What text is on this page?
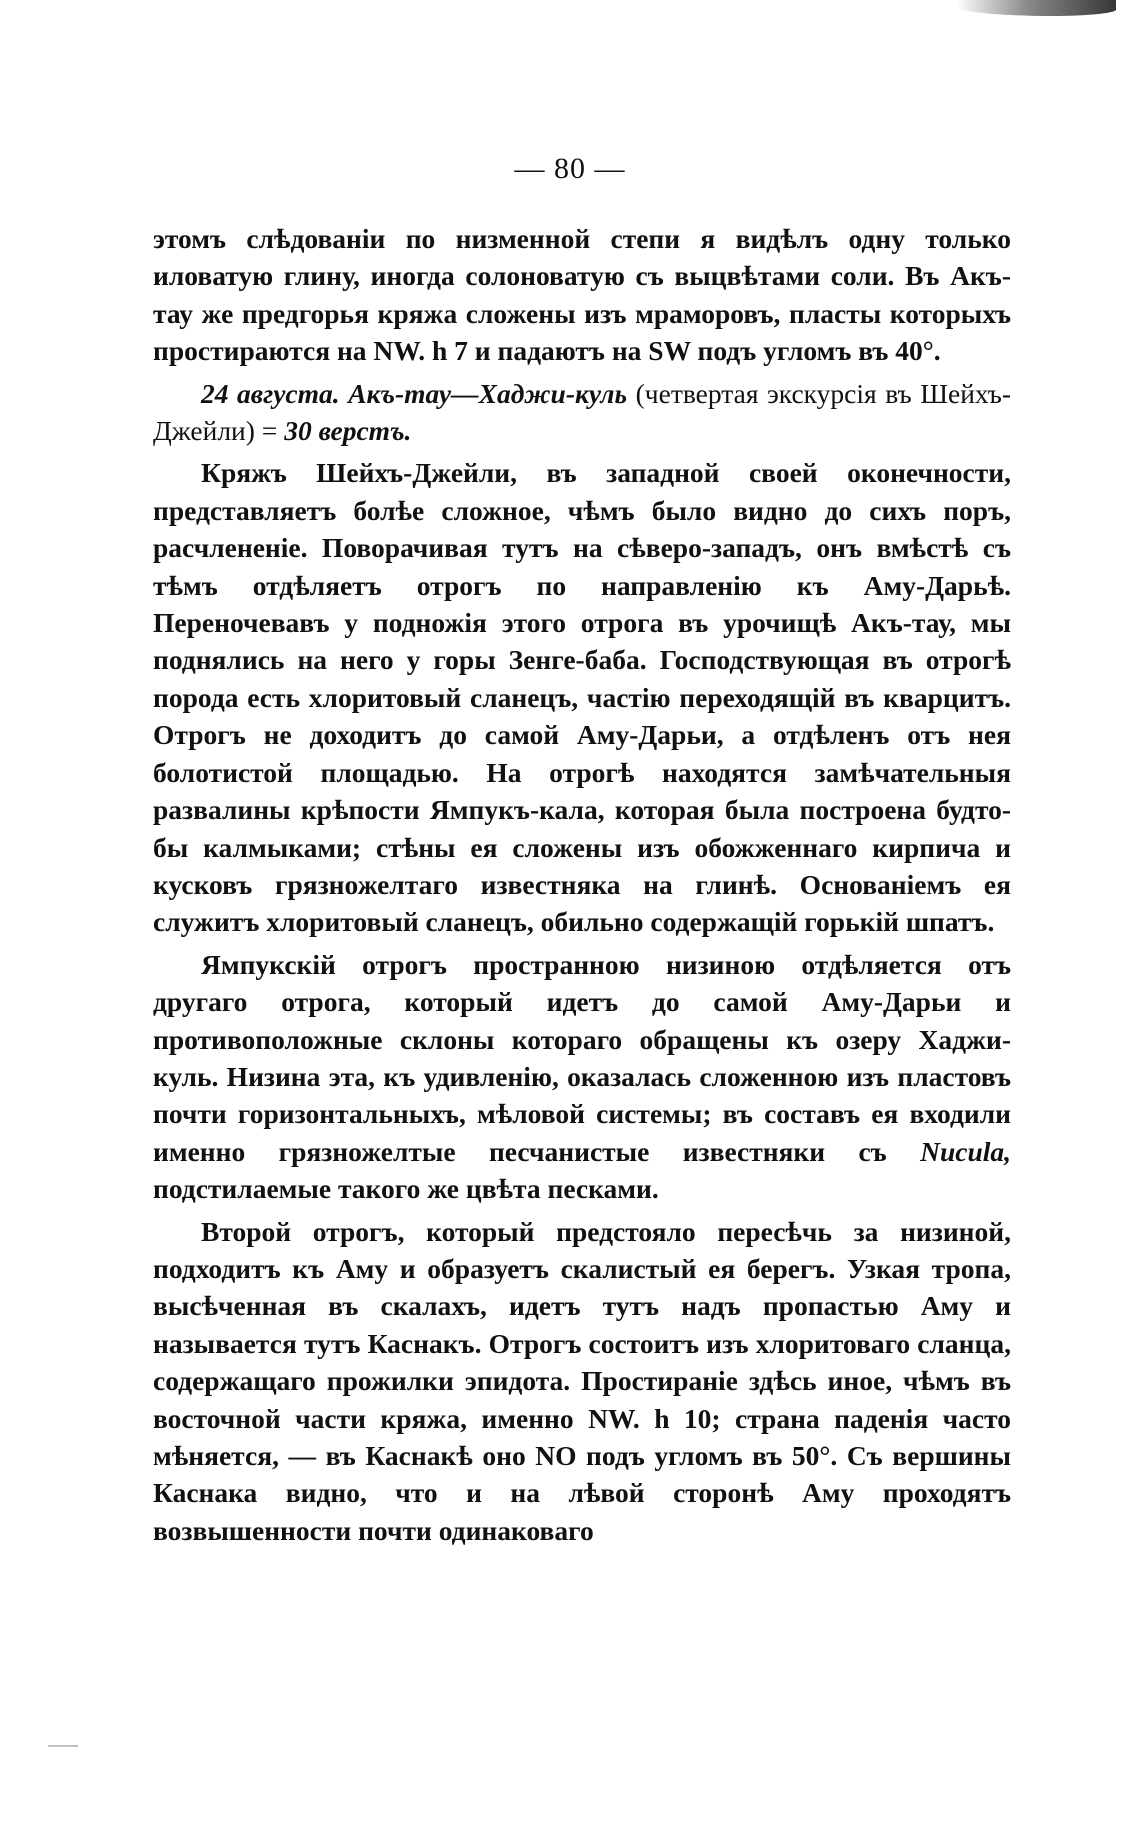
— 80 —

этомъ слѣдованіи по низменной степи я видѣлъ одну только иловатую глину, иногда солоноватую съ выцвѣтами соли. Въ Акъ-тау же предгорья кряжа сложены изъ мраморовъ, пласты которыхъ простираются на NW. h 7 и падаютъ на SW подъ угломъ въ 40°.

24 августа. Акъ-тау—Хаджи-куль (четвертая экскурсія въ Шейхъ-Джейли) = 30 верстъ.

Кряжъ Шейхъ-Джейли, въ западной своей оконечности, представляетъ болѣе сложное, чѣмъ было видно до сихъ поръ, расчлененіе. Поворачивая тутъ на сѣверо-западъ, онъ вмѣстѣ съ тѣмъ отдѣляетъ отрогъ по направленію къ Аму-Дарьѣ. Переночевавъ у подножія этого отрога въ урочищѣ Акъ-тау, мы поднялись на него у горы Зенге-баба. Господствующая въ отрогѣ порода есть хлоритовый сланецъ, частію переходящій въ кварцитъ. Отрогъ не доходитъ до самой Аму-Дарьи, а отдѣленъ отъ нея болотистой площадью. На отрогѣ находятся замѣчательныя развалины крѣпости Ямпукъ-кала, которая была построена будто-бы калмыками; стѣны ея сложены изъ обожженнаго кирпича и кусковъ грязножелтаго известняка на глинѣ. Основаніемъ ея служитъ хлоритовый сланецъ, обильно содержащій горькій шпатъ.

Ямпукскій отрогъ пространною низиною отдѣляется отъ другаго отрога, который идетъ до самой Аму-Дарьи и противоположные склоны котораго обращены къ озеру Хаджи-куль. Низина эта, къ удивленію, оказалась сложенною изъ пластовъ почти горизонтальныхъ, мѣловой системы; въ составъ ея входили именно грязножелтые песчанистые известняки съ Nucula, подстилаемые такого же цвѣта песками.

Второй отрогъ, который предстояло пересѣчь за низиной, подходитъ къ Аму и образуетъ скалистый ея берегъ. Узкая тропа, высѣченная въ скалахъ, идетъ тутъ надъ пропастью Аму и называется тутъ Каснакъ. Отрогъ состоитъ изъ хлоритоваго сланца, содержащаго прожилки эпидота. Простираніе здѣсь иное, чѣмъ въ восточной части кряжа, именно NW. h 10; страна паденія часто мѣняется, — въ Каснакѣ оно NO подъ угломъ въ 50°. Съ вершины Каснака видно, что и на лѣвой сторонѣ Аму проходятъ возвышенности почти одинаковаго
